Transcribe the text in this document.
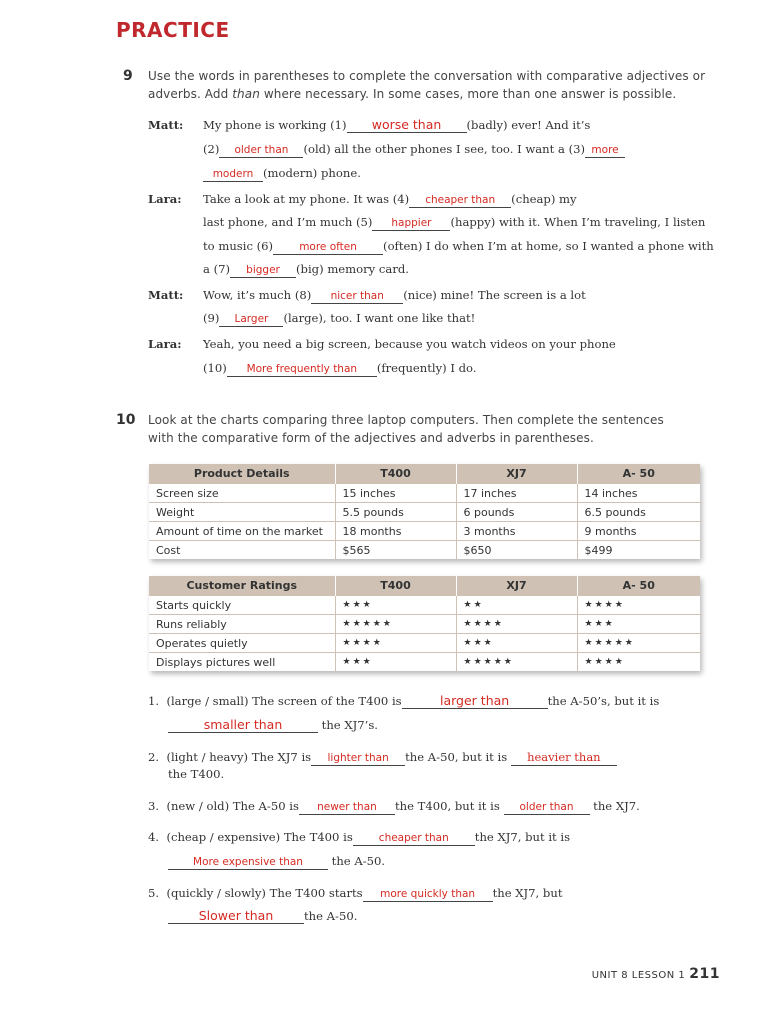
PRACTICE
9 Use the words in parentheses to complete the conversation with comparative adjectives or
adverbs. Add than where necessary. In some cases, more than one answer is possible.
Matt: My phone is working (1) worse than (badly) ever! And it’s
(2) older than (old) all the other phones I see, too. I want a (3) more
modern (modern) phone.
Lara: Take a look at my phone. It was (4) cheaper than (cheap) my
last phone, and I’m much (5) happier (happy) with it. When I’m traveling, I listen
to music (6) more often (often) I do when I’m at home, so I wanted a phone with
a (7) bigger (big) memory card.
Matt: Wow, it’s much (8) nicer than (nice) mine! The screen is a lot
(9) Larger (large), too. I want one like that!
Lara: Yeah, you need a big screen, because you watch videos on your phone
(10) More frequently than (frequently) I do.
10 Look at the charts comparing three laptop computers. Then complete the sentences
with the comparative form of the adjectives and adverbs in parentheses.
Product Details	T400	XJ7	A- 50
Screen size	15 inches	17 inches	14 inches
Weight	5.5 pounds	6 pounds	6.5 pounds
Amount of time on the market	18 months	3 months	9 months
Cost	$565	$650	$499
Customer Ratings	T400	XJ7	A- 50
Starts quickly	★★★	★★	★★★★
Runs reliably	★★★★★	★★★★	★★★
Operates quietly	★★★★	★★★	★★★★★
Displays pictures well	★★★	★★★★★	★★★★
1. (large / small) The screen of the T400 is	larger than	the A-50’s, but it is
smaller than	the XJ7’s.
2. (light / heavy) The XJ7 is lighter than the A-50, but it is heavier than
the T400.
3. (new / old) The A-50 is newer than the T400, but it is older than the XJ7.
4. (cheap / expensive) The T400 is cheaper than the XJ7, but it is
More expensive than the A-50.
5. (quickly / slowly) The T400 starts more quickly than the XJ7, but
Slower than	the A-50.
UNIT 8 LESSON 1 211
